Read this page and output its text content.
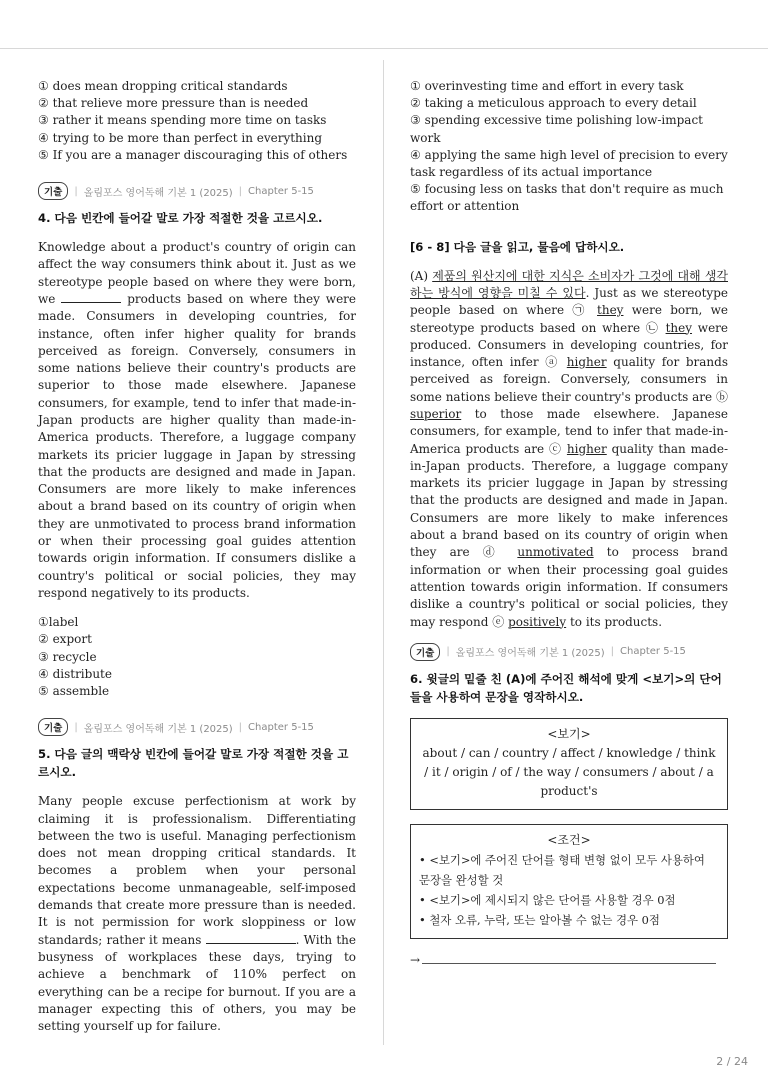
① does mean dropping critical standards
② that relieve more pressure than is needed
③ rather it means spending more time on tasks
④ trying to be more than perfect in everything
⑤ If you are a manager discouraging this of others
기출	| 올림포스 영어독해 기본 1 (2025) | Chapter 5-15
4. 다음 빈칸에 들어갈 말로 가장 적절한 것을 고르시오.
Knowledge about a product's country of origin can affect the way consumers think about it. Just as we stereotype people based on where they were born, we	products based on where they were made. Consumers in developing countries, for instance, often infer higher quality for brands perceived as foreign. Conversely, consumers in some nations believe their country's products are superior to those made elsewhere. Japanese consumers, for example, tend to infer that made-in-Japan products are higher quality than made-in-America products. Therefore, a luggage company markets its pricier luggage in Japan by stressing that the products are designed and made in Japan. Consumers are more likely to make inferences about a brand based on its country of origin when they are unmotivated to process brand information or when their processing goal guides attention towards origin information. If consumers dislike a country's political or social policies, they may respond negatively to its products.
①label
② export
③ recycle
④ distribute
⑤ assemble
기출	| 올림포스 영어독해 기본 1 (2025) | Chapter 5-15
5. 다음 글의 맥락상 빈칸에 들어갈 말로 가장 적절한 것을 고르시오.
Many people excuse perfectionism at work by claiming it is professionalism. Differentiating between the two is useful. Managing perfectionism does not mean dropping critical standards. It becomes a problem when your personal expectations become unmanageable, self-imposed demands that create more pressure than is needed. It is not permission for work sloppiness or low standards; rather it means	. With the busyness of workplaces these days, trying to achieve a benchmark of 110% perfect on everything can be a recipe for burnout. If you are a manager expecting this of others, you may be setting yourself up for failure.
① overinvesting time and effort in every task
② taking a meticulous approach to every detail
③ spending excessive time polishing low-impact work
④ applying the same high level of precision to every task regardless of its actual importance
⑤ focusing less on tasks that don't require as much effort or attention
[6 - 8] 다음 글을 읽고, 물음에 답하시오.
(A) 제품의 원산지에 대한 지식은 소비자가 그것에 대해 생각하는 방식에 영향을 미칠 수 있다. Just as we stereotype people based on where ㉠ they were born, we stereotype products based on where ㉡ they were produced. Consumers in developing countries, for instance, often infer ⓐ higher quality for brands perceived as foreign. Conversely, consumers in some nations believe their country's products are ⓑ superior to those made elsewhere. Japanese consumers, for example, tend to infer that made-in-America products are ⓒ higher quality than made-in-Japan products. Therefore, a luggage company markets its pricier luggage in Japan by stressing that the products are designed and made in Japan. Consumers are more likely to make inferences about a brand based on its country of origin when they are ⓓ unmotivated to process brand information or when their processing goal guides attention towards origin information. If consumers dislike a country's political or social policies, they may respond ⓔ positively to its products.
기출	| 올림포스 영어독해 기본 1 (2025) | Chapter 5-15
6. 윗글의 밑줄 친 (A)에 주어진 해석에 맞게 <보기>의 단어들을 사용하여 문장을 영작하시오.
<보기>
about / can / country / affect / knowledge / think / it / origin / of / the way / consumers / about / a product's
<조건>
• <보기>에 주어진 단어를 형태 변형 없이 모두 사용하여 문장을 완성할 것
• <보기>에 제시되지 않은 단어를 사용할 경우 0점
• 철자 오류, 누락, 또는 알아볼 수 없는 경우 0점
→
2 / 24
